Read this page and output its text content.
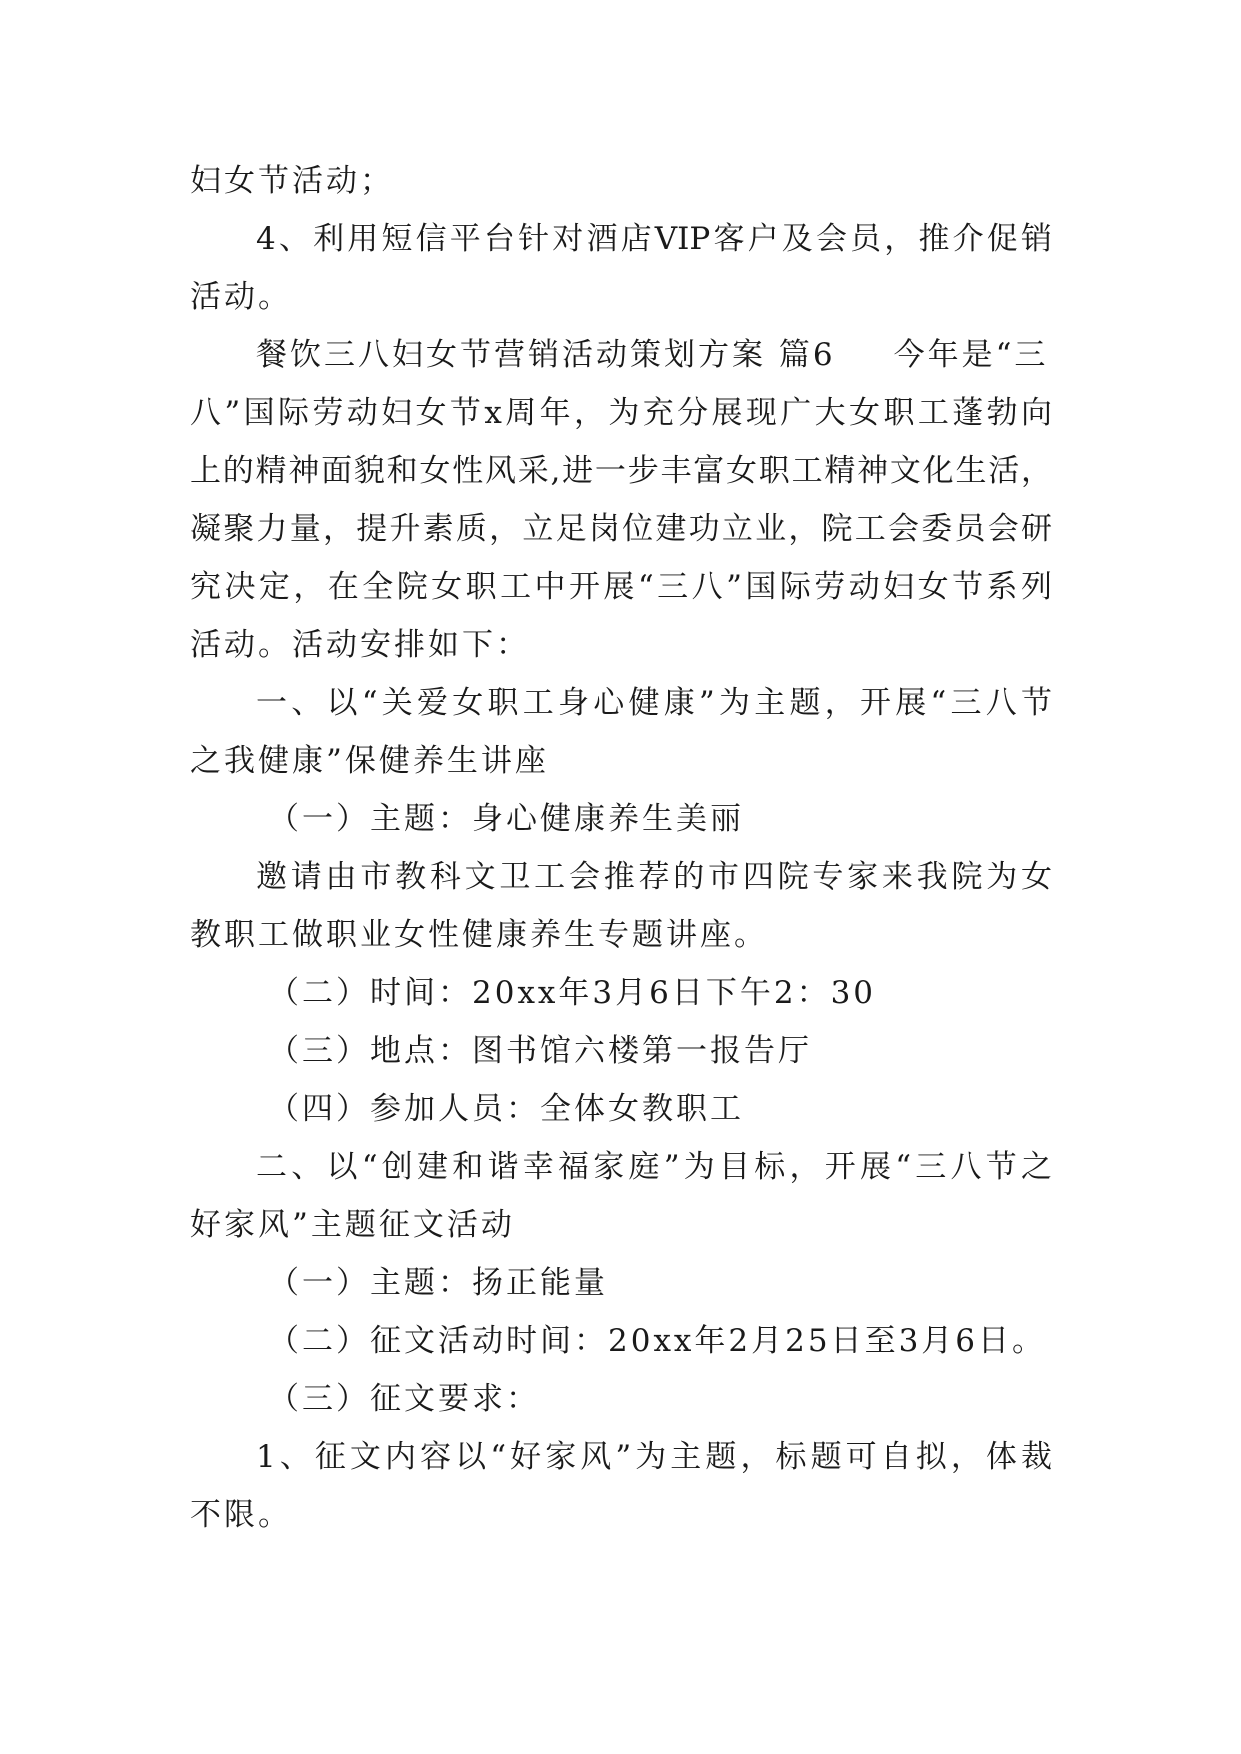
妇女节活动；
4、利用短信平台针对酒店VIP客户及会员，推介促销
活动。
餐饮三八妇女节营销活动策划方案 篇6 今年是“三
八”国际劳动妇女节x周年，为充分展现广大女职工蓬勃向
上的精神面貌和女性风采,进一步丰富女职工精神文化生活，
凝聚力量，提升素质，立足岗位建功立业，院工会委员会研
究决定，在全院女职工中开展“三八”国际劳动妇女节系列
活动。活动安排如下：
一、以“关爱女职工身心健康”为主题，开展“三八节
之我健康”保健养生讲座
（一）主题：身心健康养生美丽
邀请由市教科文卫工会推荐的市四院专家来我院为女
教职工做职业女性健康养生专题讲座。
（二）时间：20xx年3月6日下午2：30
（三）地点：图书馆六楼第一报告厅
（四）参加人员：全体女教职工
二、以“创建和谐幸福家庭”为目标，开展“三八节之
好家风”主题征文活动
（一）主题：扬正能量
（二）征文活动时间：20xx年2月25日至3月6日。
（三）征文要求：
1、征文内容以“好家风”为主题，标题可自拟，体裁
不限。
